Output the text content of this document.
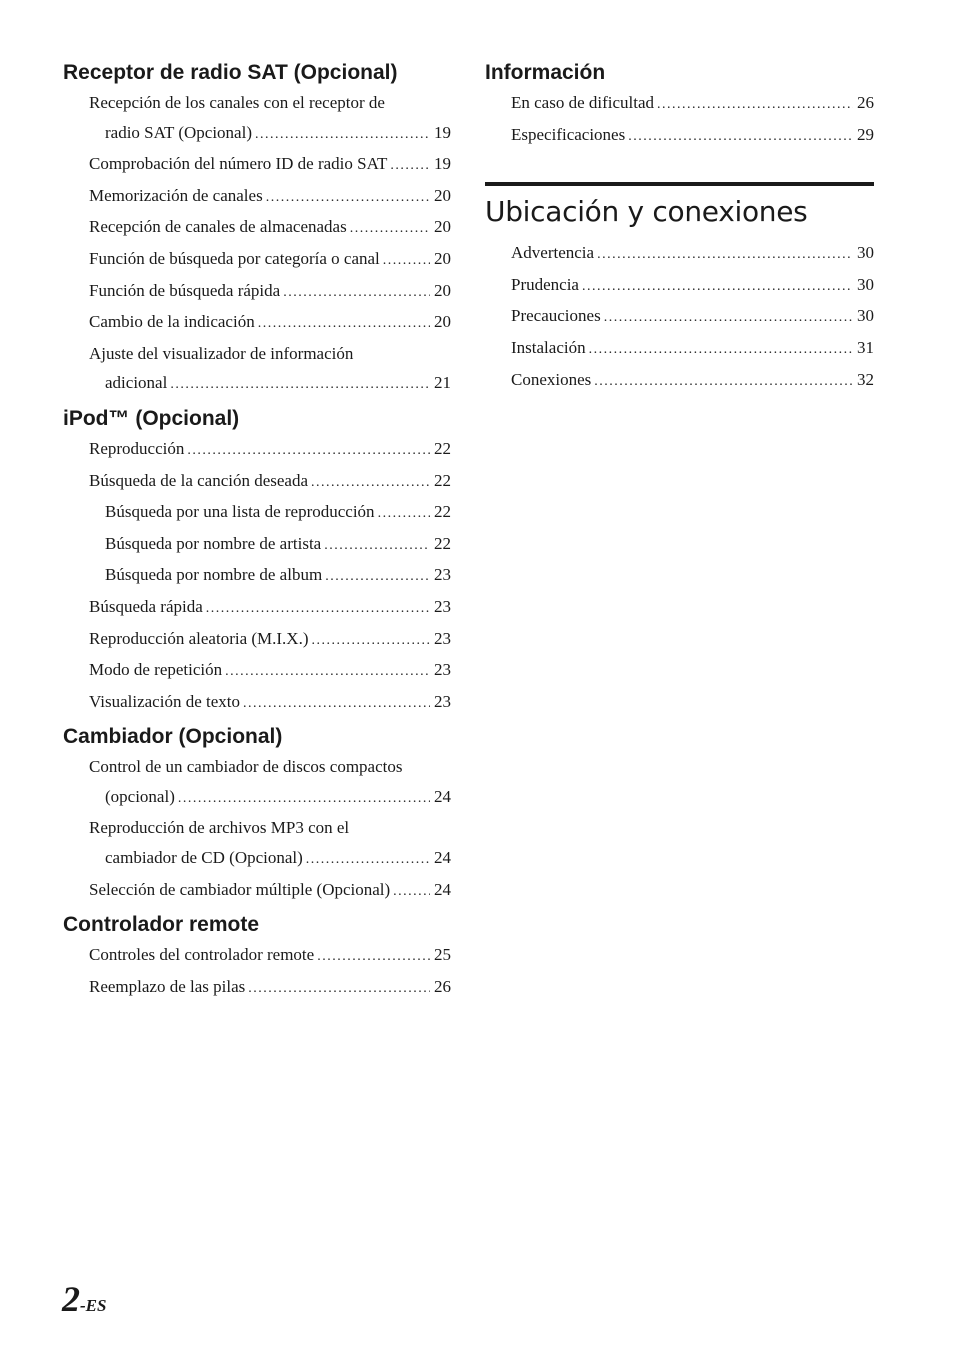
Receptor de radio SAT (Opcional)
Recepción de los canales con el receptor de
radio SAT (Opcional) .....	19
Comprobación del número ID de radio SAT .....	19
Memorización de canales .....	20
Recepción de canales de almacenadas .....	20
Función de búsqueda por categoría o canal .....	20
Función de búsqueda rápida .....	20
Cambio de la indicación .....	20
Ajuste del visualizador de información
adicional .....	21
iPod™ (Opcional)
Reproducción .....	22
Búsqueda de la canción deseada .....	22
Búsqueda por una lista de reproducción .....	22
Búsqueda por nombre de artista .....	22
Búsqueda por nombre de album .....	23
Búsqueda rápida .....	23
Reproducción aleatoria (M.I.X.) .....	23
Modo de repetición .....	23
Visualización de texto .....	23
Cambiador (Opcional)
Control de un cambiador de discos compactos
(opcional) .....	24
Reproducción de archivos MP3 con el
cambiador de CD (Opcional) .....	24
Selección de cambiador múltiple (Opcional) .....	24
Controlador remote
Controles del controlador remote .....	25
Reemplazo de las pilas .....	26
Información
En caso de dificultad .....	26
Especificaciones .....	29
Ubicación y conexiones
Advertencia .....	30
Prudencia .....	30
Precauciones .....	30
Instalación .....	31
Conexiones .....	32
2-ES
